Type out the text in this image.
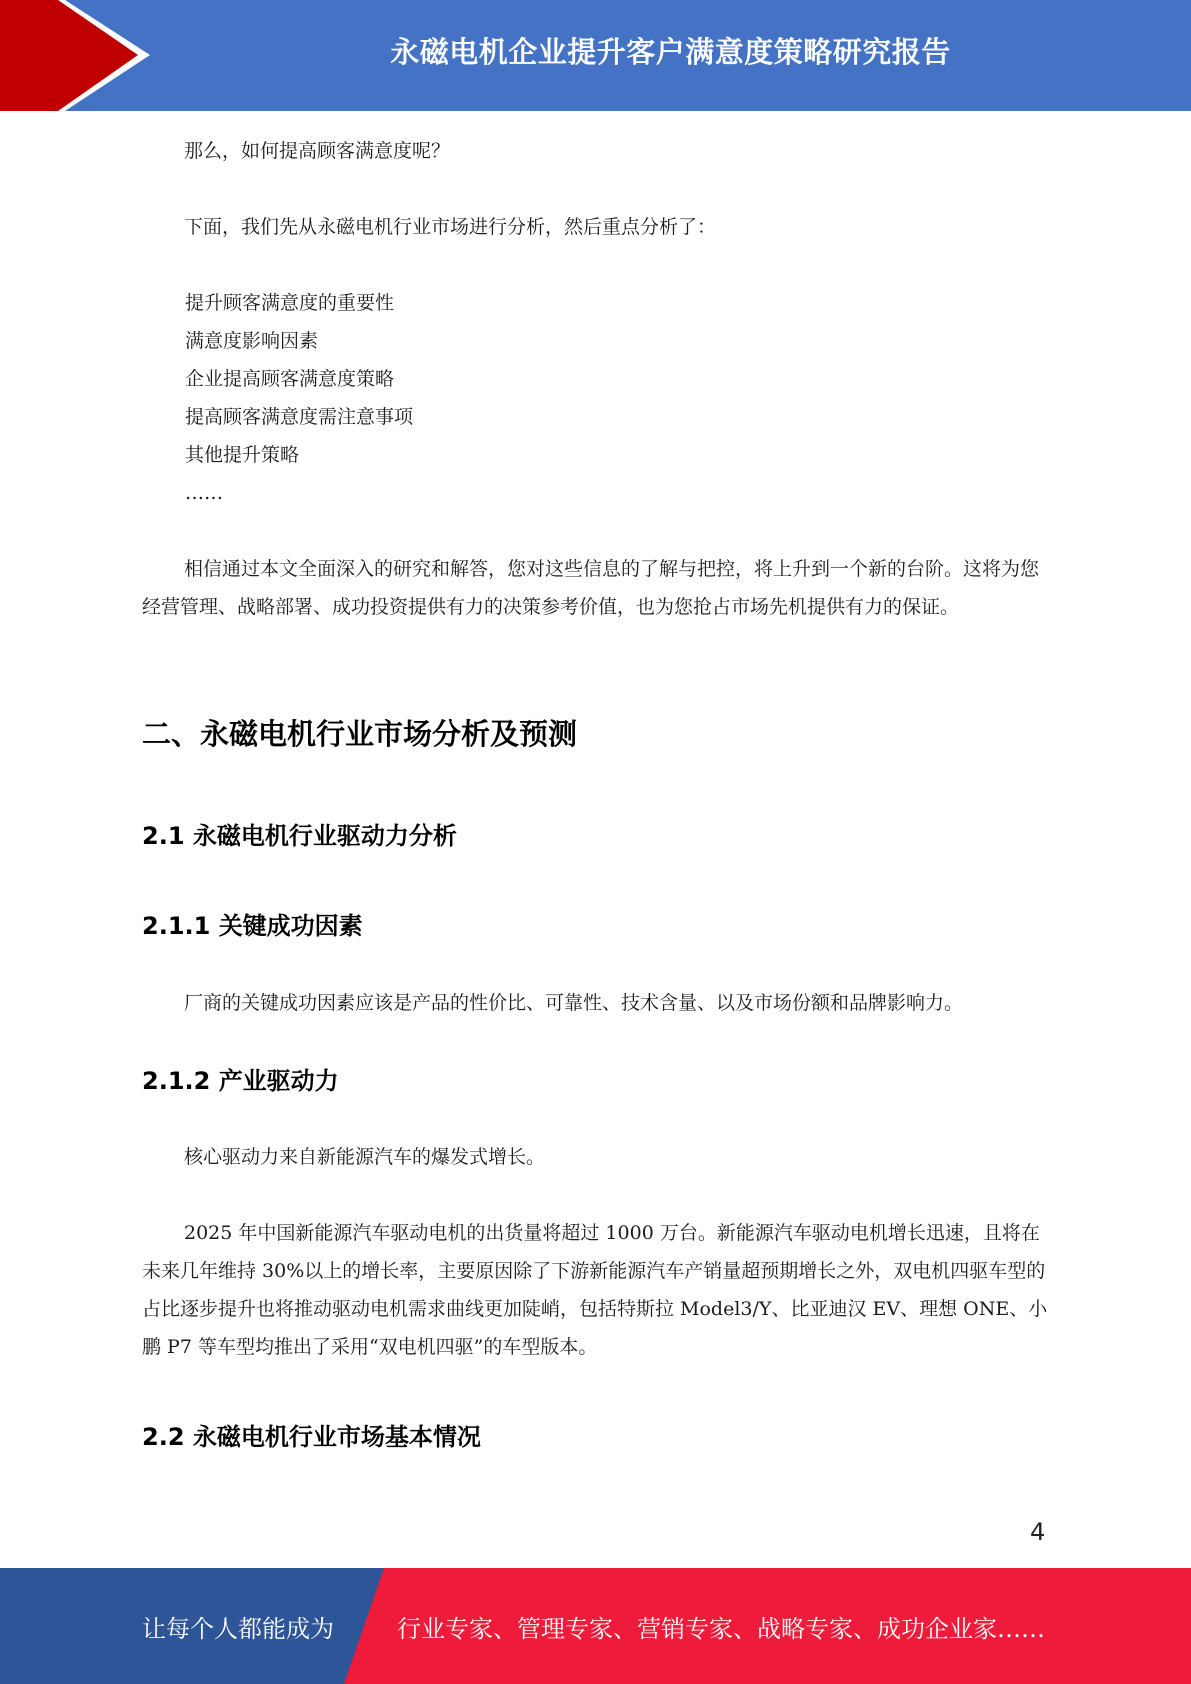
永磁电机企业提升客户满意度策略研究报告

那么，如何提高顾客满意度呢？

下面，我们先从永磁电机行业市场进行分析，然后重点分析了：

提升顾客满意度的重要性
满意度影响因素
企业提高顾客满意度策略
提高顾客满意度需注意事项
其他提升策略
……

相信通过本文全面深入的研究和解答，您对这些信息的了解与把控，将上升到一个新的台阶。这将为您经营管理、战略部署、成功投资提供有力的决策参考价值，也为您抢占市场先机提供有力的保证。

二、永磁电机行业市场分析及预测
2.1 永磁电机行业驱动力分析
2.1.1 关键成功因素

厂商的关键成功因素应该是产品的性价比、可靠性、技术含量、以及市场份额和品牌影响力。

2.1.2 产业驱动力

核心驱动力来自新能源汽车的爆发式增长。

2025 年中国新能源汽车驱动电机的出货量将超过 1000 万台。新能源汽车驱动电机增长迅速，且将在未来几年维持 30%以上的增长率，主要原因除了下游新能源汽车产销量超预期增长之外，双电机四驱车型的占比逐步提升也将推动驱动电机需求曲线更加陡峭，包括特斯拉 Model3/Y、比亚迪汉 EV、理想 ONE、小鹏 P7 等车型均推出了采用“双电机四驱”的车型版本。

2.2 永磁电机行业市场基本情况
4
让每个人都能成为	行业专家、管理专家、营销专家、战略专家、成功企业家……
